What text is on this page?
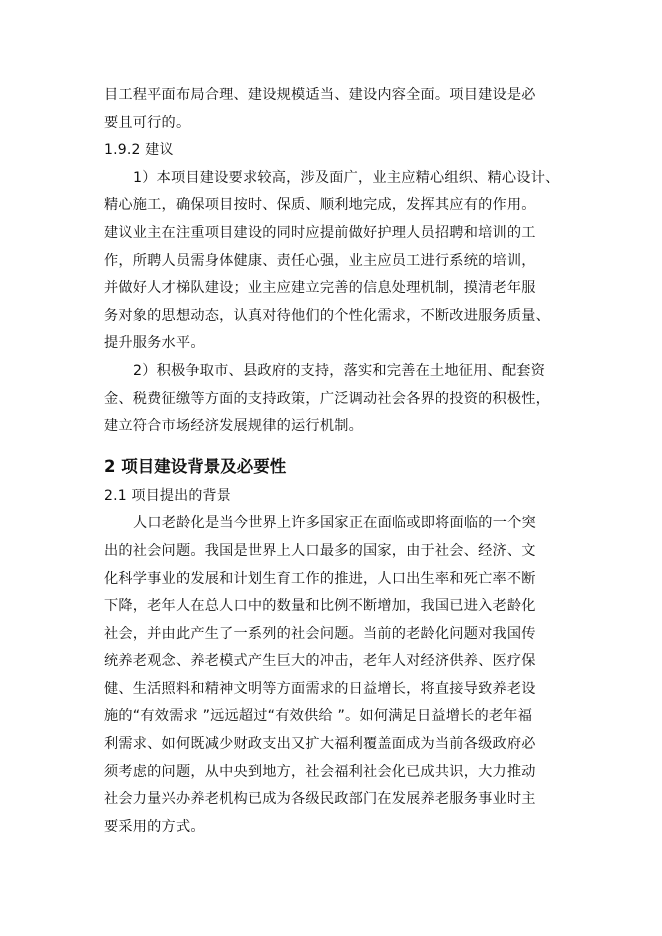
目工程平面布局合理、建设规模适当、建设内容全面。项目建设是必
要且可行的。
1.9.2 建议
1）本项目建设要求较高，涉及面广，业主应精心组织、精心设计、
精心施工，确保项目按时、保质、顺利地完成，发挥其应有的作用。
建议业主在注重项目建设的同时应提前做好护理人员招聘和培训的工
作，所聘人员需身体健康、责任心强，业主应员工进行系统的培训，
并做好人才梯队建设；业主应建立完善的信息处理机制，摸清老年服
务对象的思想动态，认真对待他们的个性化需求，不断改进服务质量、
提升服务水平。
2）积极争取市、县政府的支持，落实和完善在土地征用、配套资
金、税费征缴等方面的支持政策，广泛调动社会各界的投资的积极性，
建立符合市场经济发展规律的运行机制。
2 项目建设背景及必要性
2.1 项目提出的背景
人口老龄化是当今世界上许多国家正在面临或即将面临的一个突
出的社会问题。我国是世界上人口最多的国家，由于社会、经济、文
化科学事业的发展和计划生育工作的推进，人口出生率和死亡率不断
下降，老年人在总人口中的数量和比例不断增加，我国已进入老龄化
社会，并由此产生了一系列的社会问题。当前的老龄化问题对我国传
统养老观念、养老模式产生巨大的冲击，老年人对经济供养、医疗保
健、生活照料和精神文明等方面需求的日益增长，将直接导致养老设
施的“有效需求 ”远远超过“有效供给 ”。如何满足日益增长的老年福
利需求、如何既减少财政支出又扩大福利覆盖面成为当前各级政府必
须考虑的问题，从中央到地方，社会福利社会化已成共识，大力推动
社会力量兴办养老机构已成为各级民政部门在发展养老服务事业时主
要采用的方式。
